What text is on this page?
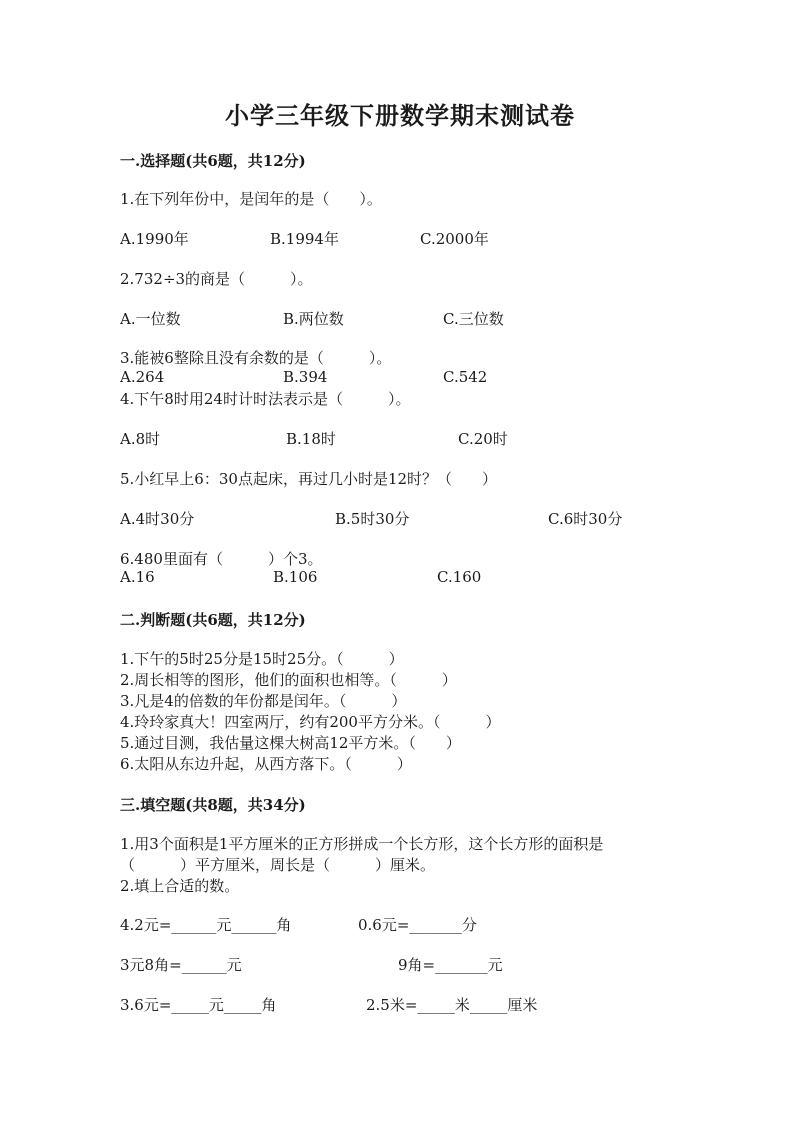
小学三年级下册数学期末测试卷
一.选择题(共6题，共12分)
1.在下列年份中，是闰年的是（　　）。
A.1990年	B.1994年	C.2000年
2.732÷3的商是（　　　）。
A.一位数	B.两位数	C.三位数
3.能被6整除且没有余数的是（　　　）。
A.264	B.394	C.542
4.下午8时用24时计时法表示是（　　　）。
A.8时	B.18时	C.20时
5.小红早上6：30点起床，再过几小时是12时？（　　）
A.4时30分	B.5时30分	C.6时30分
6.480里面有（　　　）个3。
A.16	B.106	C.160
二.判断题(共6题，共12分)
1.下午的5时25分是15时25分。（　　　）
2.周长相等的图形，他们的面积也相等。（　　　）
3.凡是4的倍数的年份都是闰年。（　　　）
4.玲玲家真大！四室两厅，约有200平方分米。（　　　）
5.通过目测，我估量这棵大树高12平方米。（　　）
6.太阳从东边升起，从西方落下。（　　　）
三.填空题(共8题，共34分)
1.用3个面积是1平方厘米的正方形拼成一个长方形，这个长方形的面积是
（　　　）平方厘米，周长是（　　　）厘米。
2.填上合适的数。
4.2元=______元______角	0.6元=_______分
3元8角=______元	9角=_______元
3.6元=_____元_____角	2.5米=_____米_____厘米
